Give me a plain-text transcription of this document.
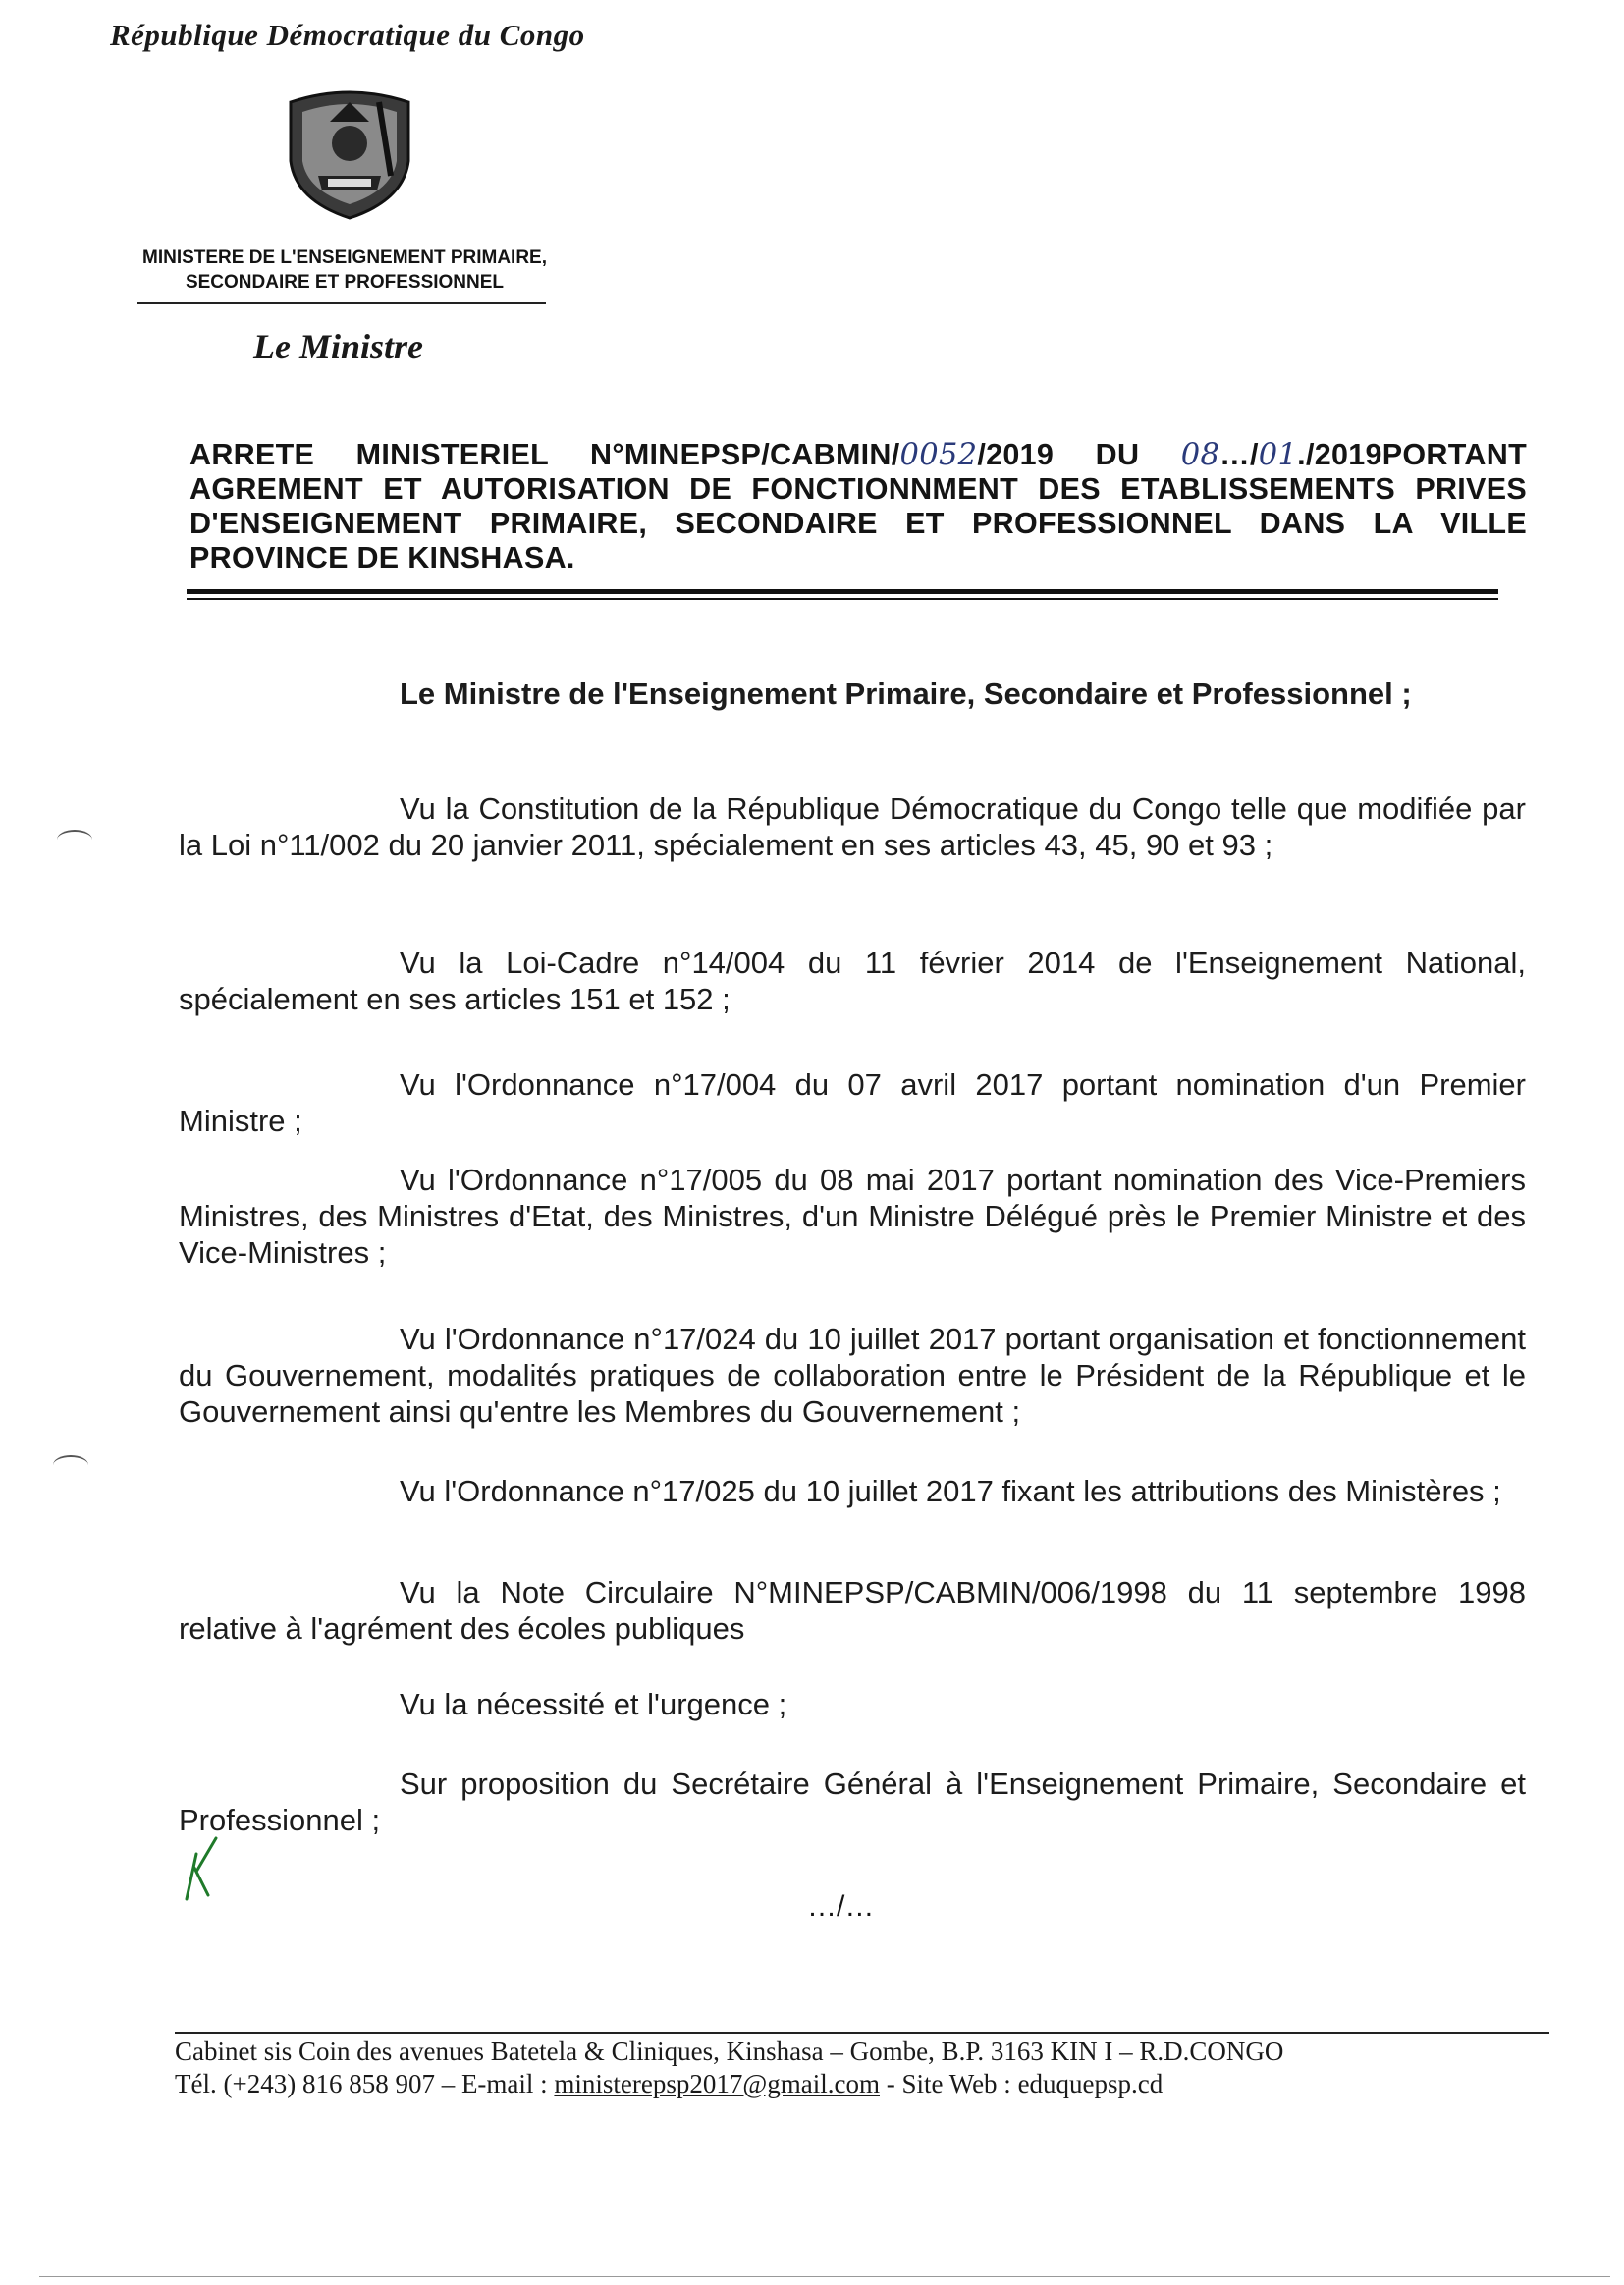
République Démocratique du Congo
MINISTERE DE L'ENSEIGNEMENT PRIMAIRE,
SECONDAIRE ET PROFESSIONNEL
Le Ministre
ARRETE MINISTERIEL N°MINEPSP/CABMIN/0052/2019 DU 08…/01./2019PORTANT AGREMENT ET AUTORISATION DE FONCTIONNMENT DES ETABLISSEMENTS PRIVES D'ENSEIGNEMENT PRIMAIRE, SECONDAIRE ET PROFESSIONNEL DANS LA VILLE PROVINCE DE KINSHASA.
Le Ministre de l'Enseignement Primaire, Secondaire et Professionnel ;
Vu la Constitution de la République Démocratique du Congo telle que modifiée par la Loi n°11/002 du 20 janvier 2011, spécialement en ses articles 43, 45, 90 et 93 ;
Vu la Loi-Cadre n°14/004 du 11 février 2014 de l'Enseignement National, spécialement en ses articles 151 et 152 ;
Vu l'Ordonnance n°17/004 du 07 avril 2017 portant nomination d'un Premier Ministre ;
Vu l'Ordonnance n°17/005 du 08 mai 2017 portant nomination des Vice-Premiers Ministres, des Ministres d'Etat, des Ministres, d'un Ministre Délégué près le Premier Ministre et des Vice-Ministres ;
Vu l'Ordonnance n°17/024 du 10 juillet 2017 portant organisation et fonctionnement du Gouvernement, modalités pratiques de collaboration entre le Président de la République et le Gouvernement ainsi qu'entre les Membres du Gouvernement ;
Vu l'Ordonnance n°17/025 du 10 juillet 2017 fixant les attributions des Ministères ;
Vu la Note Circulaire N°MINEPSP/CABMIN/006/1998 du 11 septembre 1998 relative à l'agrément des écoles publiques
Vu la nécessité et l'urgence ;
Sur proposition du Secrétaire Général à l'Enseignement Primaire, Secondaire et Professionnel ;
…/…
Cabinet sis Coin des avenues Batetela & Cliniques, Kinshasa – Gombe, B.P. 3163 KIN I – R.D.CONGO
Tél. (+243) 816 858 907 – E-mail : ministerepsp2017@gmail.com - Site Web : eduquepsp.cd
